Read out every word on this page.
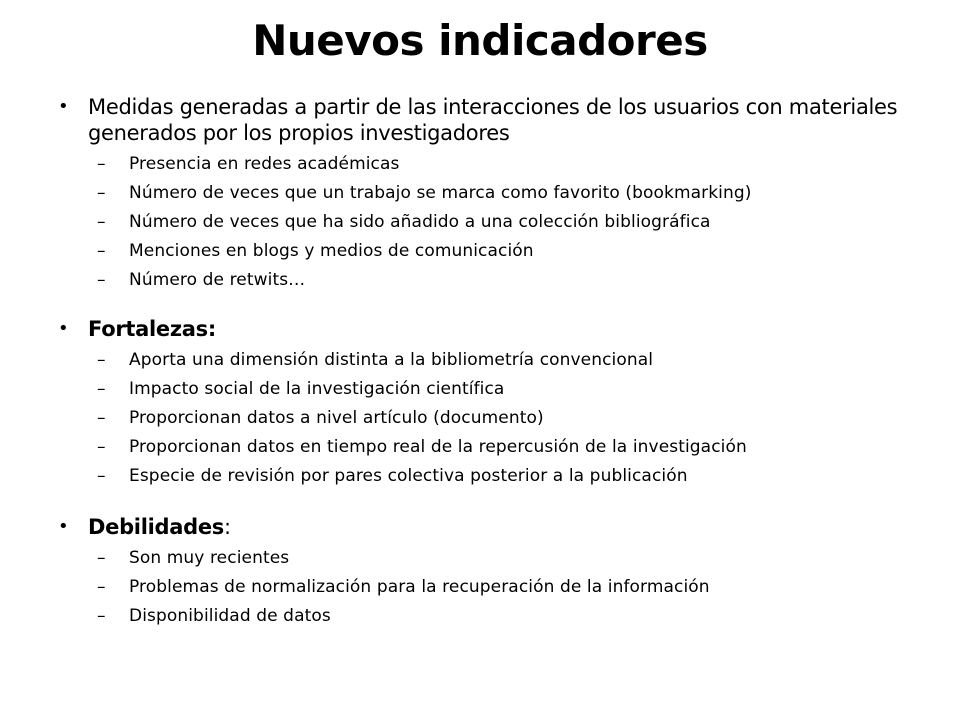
Nuevos indicadores
• Medidas generadas a partir de las interacciones de los usuarios con materiales generados por los propios investigadores
– Presencia en redes académicas
– Número de veces que un trabajo se marca como favorito (bookmarking)
– Número de veces que ha sido añadido a una colección bibliográfica
– Menciones en blogs y medios de comunicación
– Número de retwits…
• Fortalezas:
– Aporta una dimensión distinta a la bibliometría convencional
– Impacto social de la investigación científica
– Proporcionan datos a nivel artículo (documento)
– Proporcionan datos en tiempo real de la repercusión de la investigación
– Especie de revisión por pares colectiva posterior a la publicación
• Debilidades:
– Son muy recientes
– Problemas de normalización para la recuperación de la información
– Disponibilidad de datos
